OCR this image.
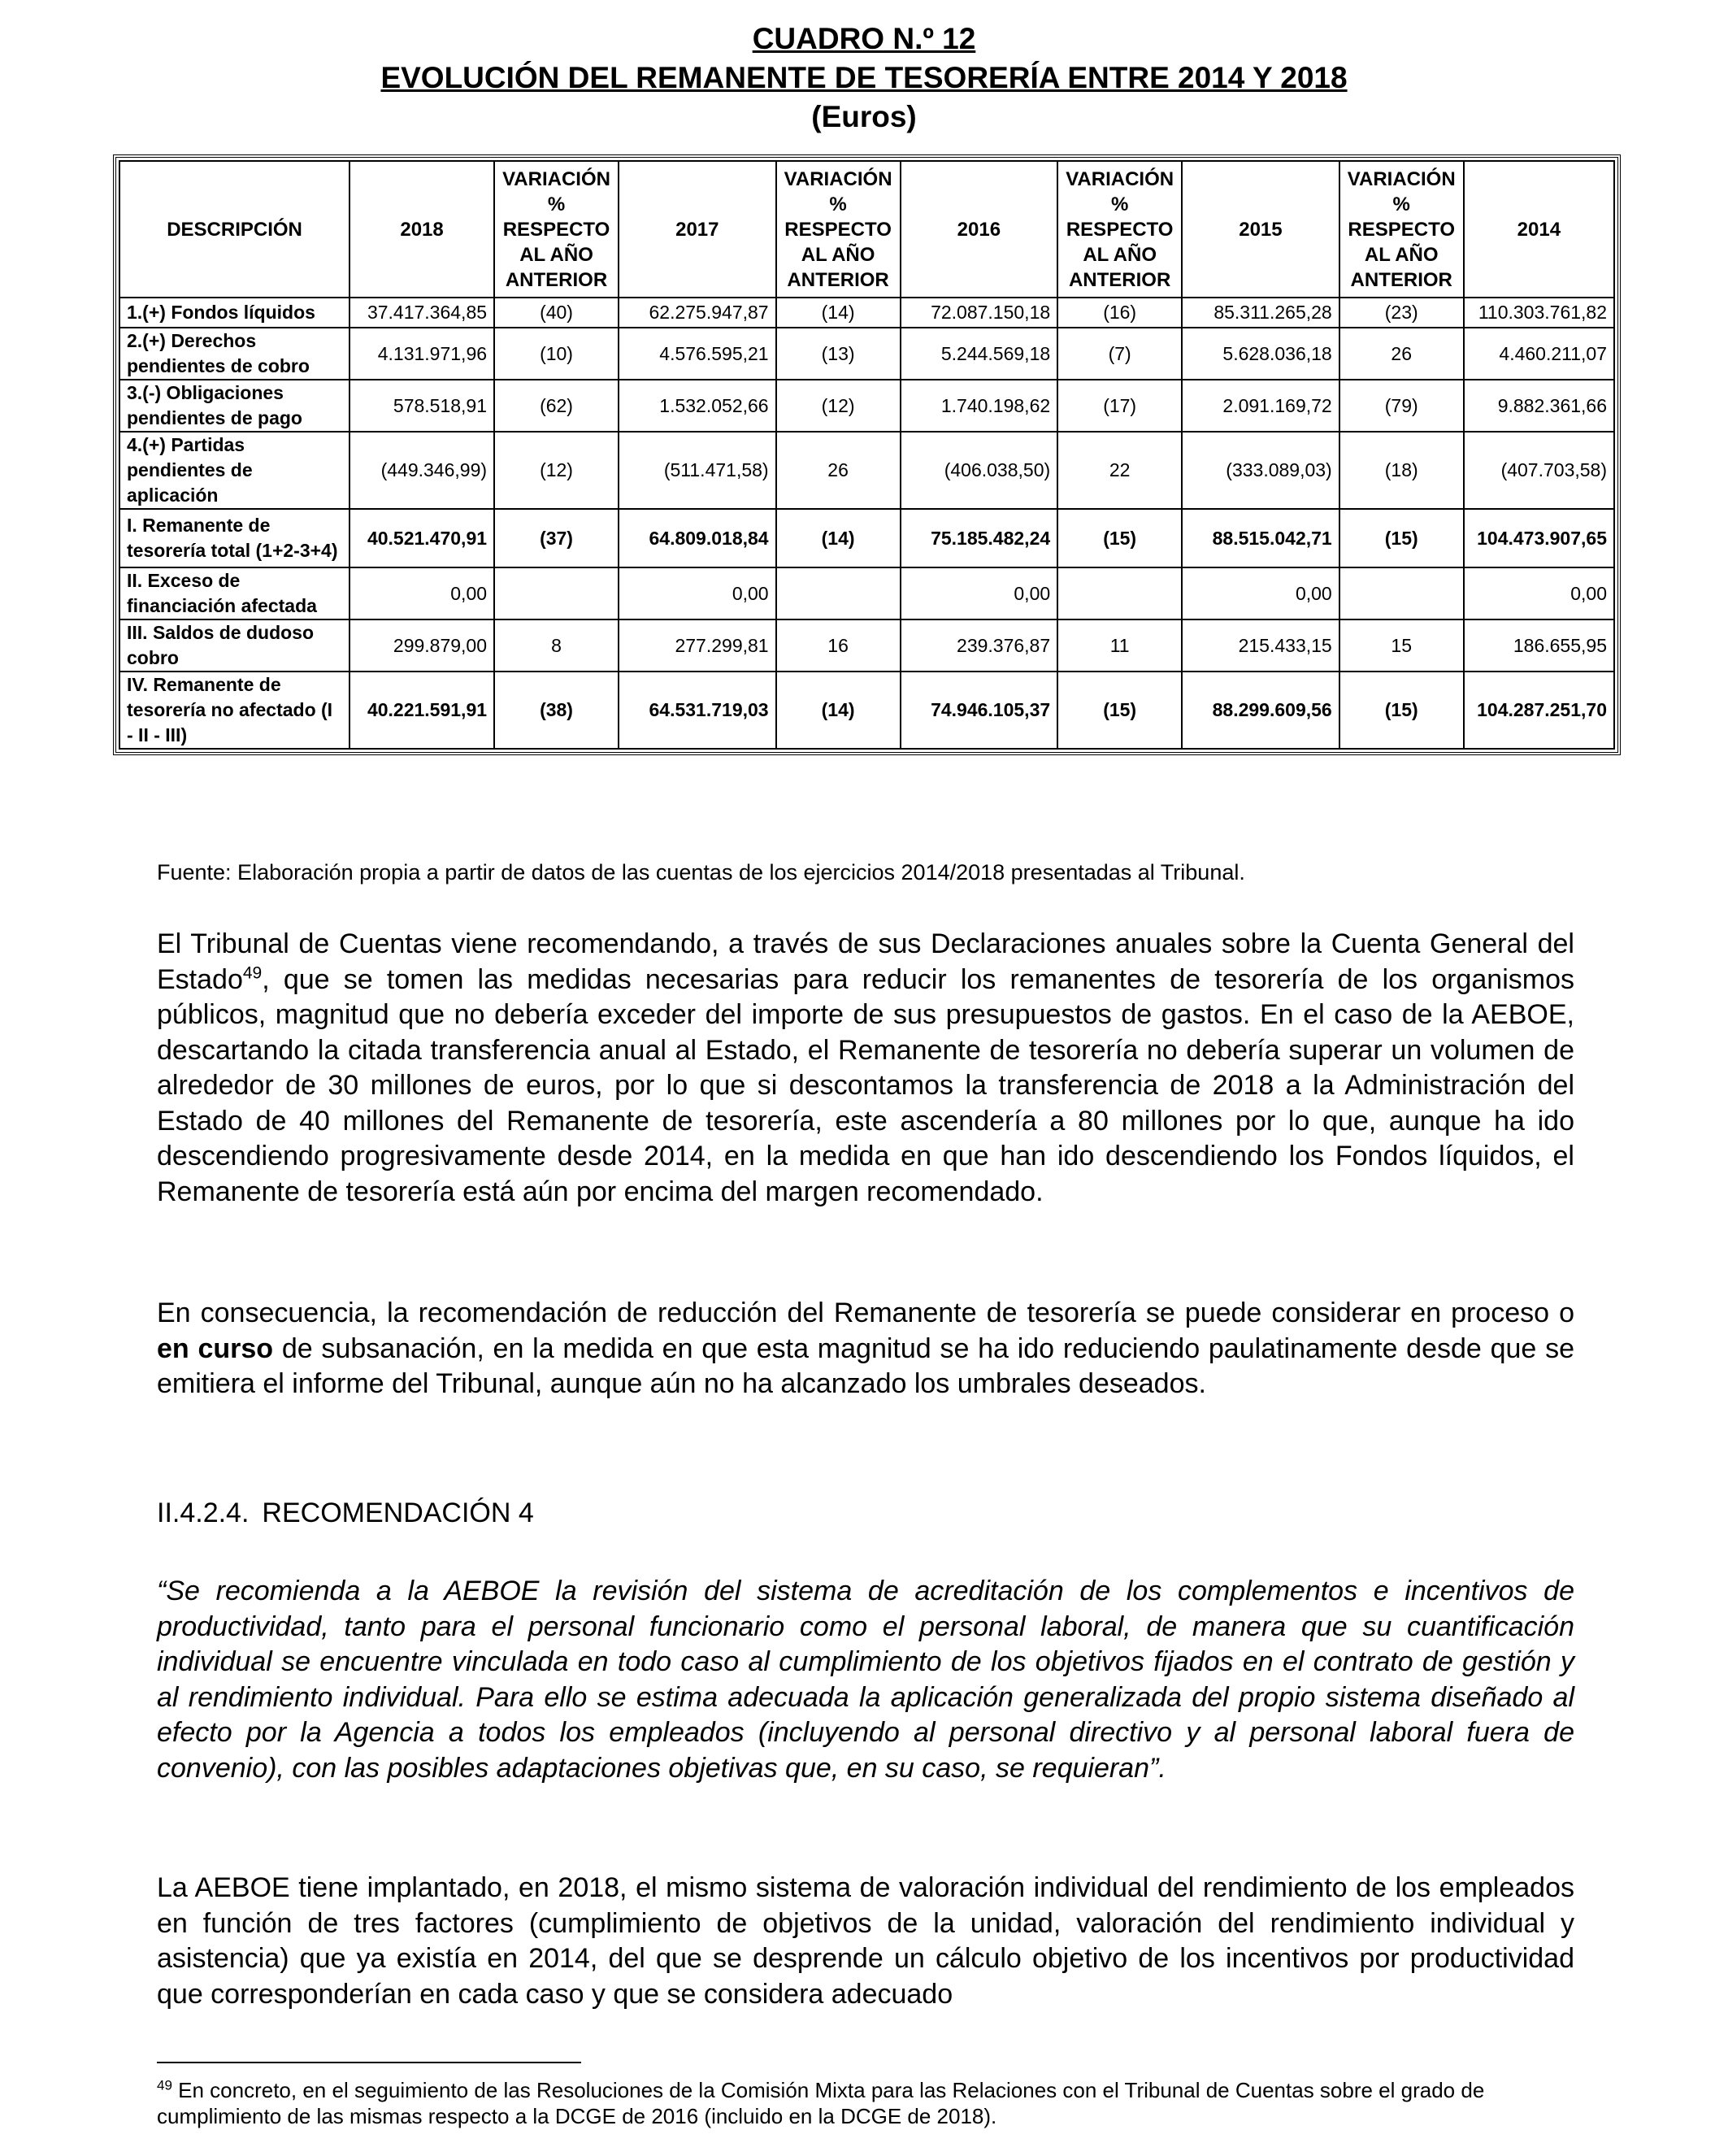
CUADRO N.º 12
EVOLUCIÓN DEL REMANENTE DE TESORERÍA ENTRE 2014 Y 2018
(Euros)
DESCRIPCIÓN	2018	VARIACIÓN % RESPECTO AL AÑO ANTERIOR	2017	VARIACIÓN % RESPECTO AL AÑO ANTERIOR	2016	VARIACIÓN % RESPECTO AL AÑO ANTERIOR	2015	VARIACIÓN % RESPECTO AL AÑO ANTERIOR	2014
1.(+) Fondos líquidos	37.417.364,85	(40)	62.275.947,87	(14)	72.087.150,18	(16)	85.311.265,28	(23)	110.303.761,82
2.(+) Derechos pendientes de cobro	4.131.971,96	(10)	4.576.595,21	(13)	5.244.569,18	(7)	5.628.036,18	26	4.460.211,07
3.(-) Obligaciones pendientes de pago	578.518,91	(62)	1.532.052,66	(12)	1.740.198,62	(17)	2.091.169,72	(79)	9.882.361,66
4.(+) Partidas pendientes de aplicación	(449.346,99)	(12)	(511.471,58)	26	(406.038,50)	22	(333.089,03)	(18)	(407.703,58)
I. Remanente de tesorería total (1+2-3+4)	40.521.470,91	(37)	64.809.018,84	(14)	75.185.482,24	(15)	88.515.042,71	(15)	104.473.907,65
II. Exceso de financiación afectada	0,00		0,00		0,00		0,00		0,00
III. Saldos de dudoso cobro	299.879,00	8	277.299,81	16	239.376,87	11	215.433,15	15	186.655,95
IV. Remanente de tesorería no afectado (I - II - III)	40.221.591,91	(38)	64.531.719,03	(14)	74.946.105,37	(15)	88.299.609,56	(15)	104.287.251,70
Fuente: Elaboración propia a partir de datos de las cuentas de los ejercicios 2014/2018 presentadas al Tribunal.
El Tribunal de Cuentas viene recomendando, a través de sus Declaraciones anuales sobre la Cuenta General del Estado$^{49}$, que se tomen las medidas necesarias para reducir los remanentes de tesorería de los organismos públicos, magnitud que no debería exceder del importe de sus presupuestos de gastos. En el caso de la AEBOE, descartando la citada transferencia anual al Estado, el Remanente de tesorería no debería superar un volumen de alrededor de 30 millones de euros, por lo que si descontamos la transferencia de 2018 a la Administración del Estado de 40 millones del Remanente de tesorería, este ascendería a 80 millones por lo que, aunque ha ido descendiendo progresivamente desde 2014, en la medida en que han ido descendiendo los Fondos líquidos, el Remanente de tesorería está aún por encima del margen recomendado.
En consecuencia, la recomendación de reducción del Remanente de tesorería se puede considerar en proceso o en curso de subsanación, en la medida en que esta magnitud se ha ido reduciendo paulatinamente desde que se emitiera el informe del Tribunal, aunque aún no ha alcanzado los umbrales deseados.
II.4.2.4. RECOMENDACIÓN 4
“Se recomienda a la AEBOE la revisión del sistema de acreditación de los complementos e incentivos de productividad, tanto para el personal funcionario como el personal laboral, de manera que su cuantificación individual se encuentre vinculada en todo caso al cumplimiento de los objetivos fijados en el contrato de gestión y al rendimiento individual. Para ello se estima adecuada la aplicación generalizada del propio sistema diseñado al efecto por la Agencia a todos los empleados (incluyendo al personal directivo y al personal laboral fuera de convenio), con las posibles adaptaciones objetivas que, en su caso, se requieran”.
La AEBOE tiene implantado, en 2018, el mismo sistema de valoración individual del rendimiento de los empleados en función de tres factores (cumplimiento de objetivos de la unidad, valoración del rendimiento individual y asistencia) que ya existía en 2014, del que se desprende un cálculo objetivo de los incentivos por productividad que corresponderían en cada caso y que se considera adecuado
$^{49}$ En concreto, en el seguimiento de las Resoluciones de la Comisión Mixta para las Relaciones con el Tribunal de Cuentas sobre el grado de cumplimiento de las mismas respecto a la DCGE de 2016 (incluido en la DCGE de 2018).
